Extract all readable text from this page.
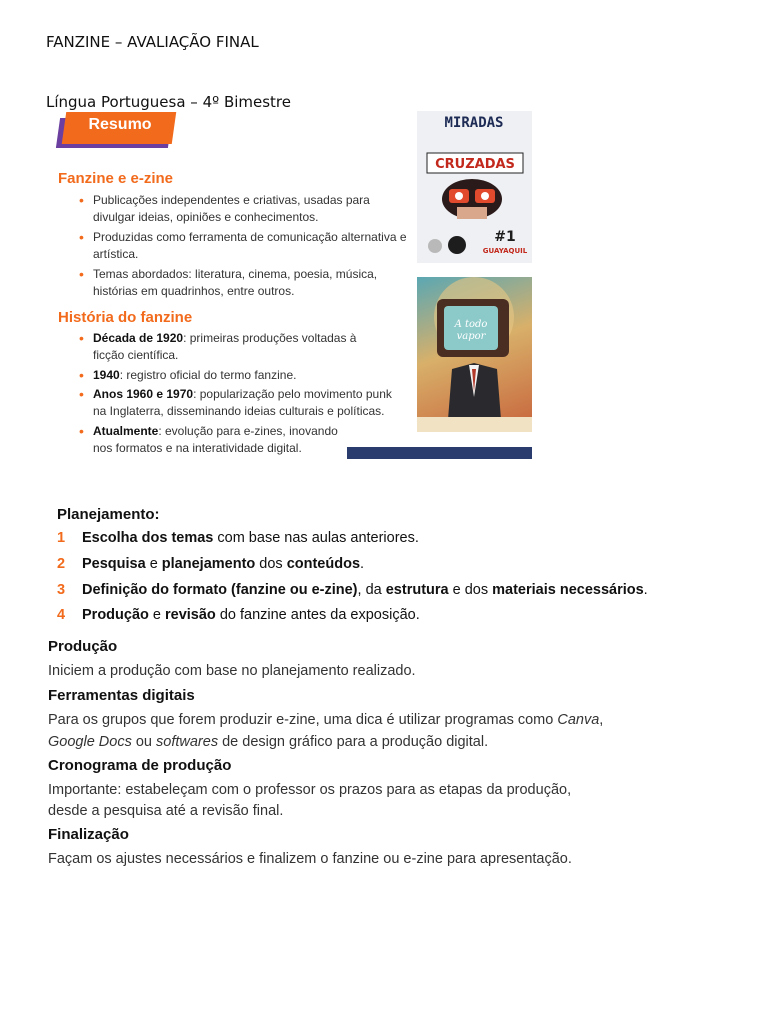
FANZINE – AVALIAÇÃO FINAL
Língua Portuguesa – 4º Bimestre
Resumo
Fanzine e e-zine
• Publicações independentes e criativas, usadas para divulgar ideias, opiniões e conhecimentos.
• Produzidas como ferramenta de comunicação alternativa e artística.
• Temas abordados: literatura, cinema, poesia, música, histórias em quadrinhos, entre outros.
História do fanzine
• Década de 1920: primeiras produções voltadas à ficção científica.
• 1940: registro oficial do termo fanzine.
• Anos 1960 e 1970: popularização pelo movimento punk na Inglaterra, disseminando ideias culturais e políticas.
• Atualmente: evolução para e-zines, inovando nos formatos e na interatividade digital.
MIRADAS
CRUZADAS
#1
GUAYAQUIL
A todo
vapor
Planejamento:
1 Escolha dos temas com base nas aulas anteriores.
2 Pesquisa e planejamento dos conteúdos.
3 Definição do formato (fanzine ou e-zine), da estrutura e dos materiais necessários.
4 Produção e revisão do fanzine antes da exposição.
Produção
Iniciem a produção com base no planejamento realizado.
Ferramentas digitais
Para os grupos que forem produzir e-zine, uma dica é utilizar programas como Canva, Google Docs ou softwares de design gráfico para a produção digital.
Cronograma de produção
Importante: estabeleçam com o professor os prazos para as etapas da produção,
desde a pesquisa até a revisão final.
Finalização
Façam os ajustes necessários e finalizem o fanzine ou e-zine para apresentação.
